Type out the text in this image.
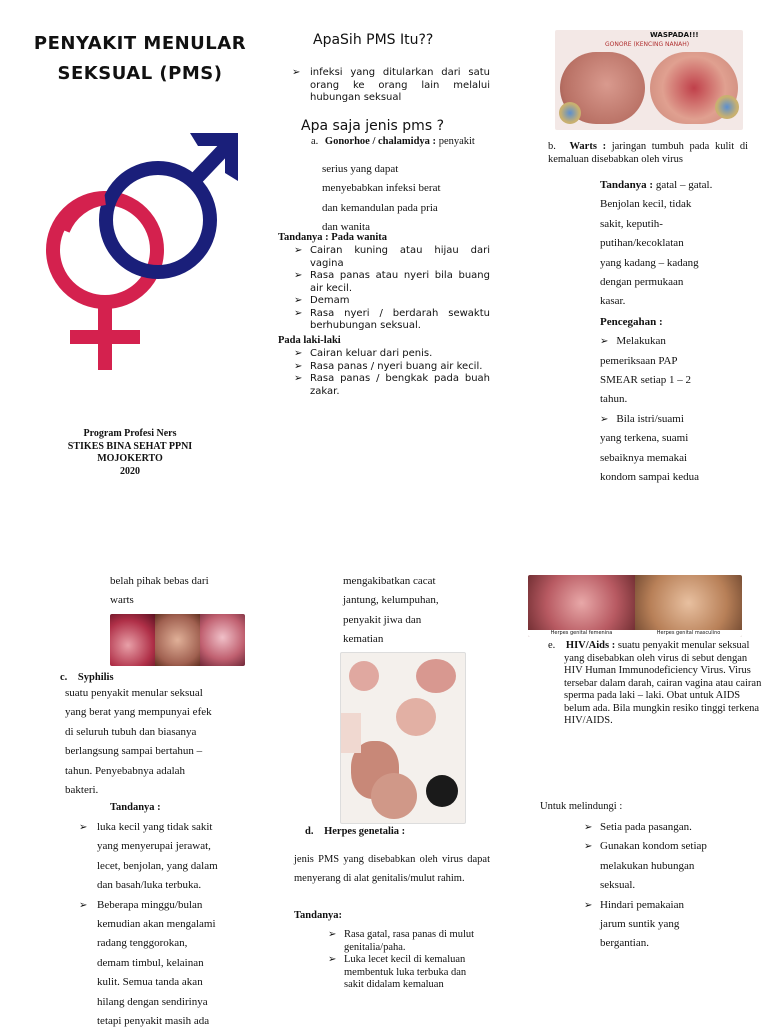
PENYAKIT MENULAR
SEKSUAL (PMS)
Program Profesi Ners
STIKES BINA SEHAT PPNI
MOJOKERTO
2020
ApaSih PMS Itu??
infeksi yang ditularkan dari satu orang ke orang lain melalui hubungan seksual
Apa saja jenis pms ?
a. Gonorhoe / chalamidya : penyakit
serius yang dapat
menyebabkan infeksi berat
dan kemandulan pada pria
dan wanita
Tandanya : Pada wanita
➢ Cairan kuning atau hijau dari vagina
➢ Rasa panas atau nyeri bila buang air kecil.
➢ Demam
➢ Rasa nyeri / berdarah sewaktu berhubungan seksual.
Pada laki-laki
➢ Cairan keluar dari penis.
➢ Rasa panas / nyeri buang air kecil.
➢ Rasa panas / bengkak pada buah zakar.
WASPADA!!!
GONORE (KENCING NANAH)
b. Warts : jaringan tumbuh pada kulit di kemaluan disebabkan oleh virus
Tandanya : gatal – gatal.
Benjolan kecil, tidak
sakit, keputih-
putihan/kecoklatan
yang kadang – kadang
dengan permukaan
kasar.
Pencegahan :
➢ Melakukan
pemeriksaan PAP
SMEAR setiap 1 – 2
tahun.
➢ Bila istri/suami
yang terkena, suami
sebaiknya memakai
kondom sampai kedua
belah pihak bebas dari
warts
c. Syphilis
suatu penyakit menular seksual
yang berat yang mempunyai efek
di seluruh tubuh dan biasanya
berlangsung sampai bertahun –
tahun. Penyebabnya adalah
bakteri.
Tandanya :
➢ luka kecil yang tidak sakit
yang menyerupai jerawat,
lecet, benjolan, yang dalam
dan basah/luka terbuka.
➢ Beberapa minggu/bulan
kemudian akan mengalami
radang tenggorokan,
demam timbul, kelainan
kulit. Semua tanda akan
hilang dengan sendirinya
tetapi penyakit masih ada
mengakibatkan cacat
jantung, kelumpuhan,
penyakit jiwa dan
kematian
d. Herpes genetalia :
jenis PMS yang disebabkan oleh virus dapat menyerang di alat genitalis/mulut rahim.
Tandanya:
➢ Rasa gatal, rasa panas di mulut genitalia/paha.
➢ Luka lecet kecil di kemaluan membentuk luka terbuka dan sakit didalam kemaluan
Herpes genital femenina	Herpes genital masculino
e. HIV/Aids : suatu penyakit menular seksual yang disebabkan oleh virus di sebut dengan HIV Human Immunodeficiency Virus. Virus tersebar dalam darah, cairan vagina atau cairan sperma pada laki – laki. Obat untuk AIDS belum ada. Bila mungkin resiko tinggi terkena HIV/AIDS.
Untuk melindungi :
➢ Setia pada pasangan.
➢ Gunakan kondom setiap
melakukan hubungan
seksual.
➢ Hindari pemakaian
jarum suntik yang
bergantian.
